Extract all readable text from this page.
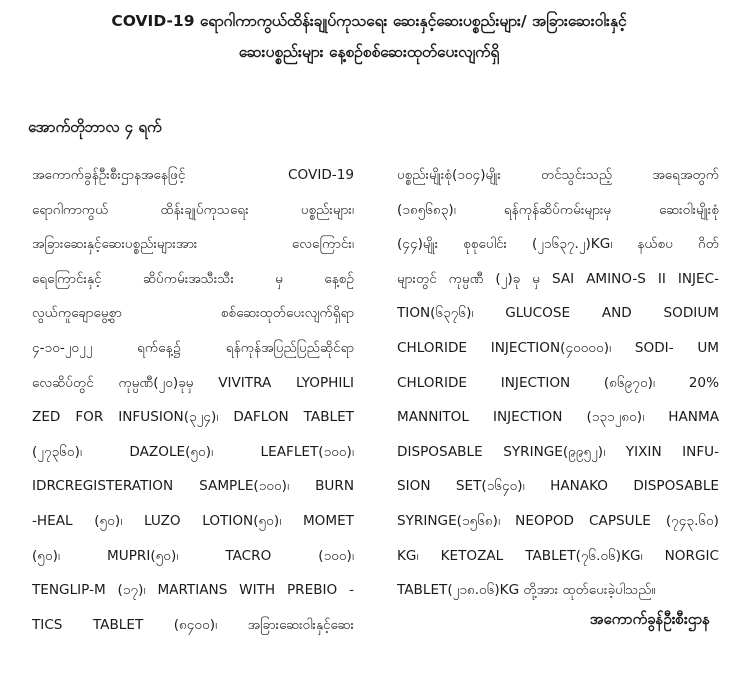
COVID-19 ရောဂါကာကွယ်ထိန်းချုပ်ကုသရေး ဆေးနှင့်ဆေးပစ္စည်းများ/ အခြားဆေးဝါးနှင့်
ဆေးပစ္စည်းများ နေ့စဉ်စစ်ဆေးထုတ်ပေးလျက်ရှိ
အောက်တိုဘာလ ၄ ရက်
အကောက်ခွန်ဦးစီးဌာနအနေဖြင့် COVID-19
ရောဂါကာကွယ် ထိန်းချုပ်ကုသရေး ပစ္စည်းများ၊
အခြားဆေးနှင့်ဆေးပစ္စည်းများအား လေကြောင်း၊
ရေကြောင်းနှင့် ဆိပ်ကမ်းအသီးသီး မှ နေ့စဉ်
လွယ်ကူချောမွေ့စွာ စစ်ဆေးထုတ်ပေးလျက်ရှိရာ
၄-၁၀-၂၀၂၂ ရက်နေ့၌ ရန်ကုန်အပြည်ပြည်ဆိုင်ရာ
လေဆိပ်တွင် ကုမ္ပဏီ(၂၀)ခုမှ VIVITRA LYOPHILI
ZED FOR INFUSION(၃၂၄)၊ DAFLON TABLET
(၂၇၃၆၀)၊ DAZOLE(၅၀)၊ LEAFLET(၁၀၀)၊
IDRCREGISTERATION SAMPLE(၁၀၀)၊ BURN
-HEAL (၅၀)၊ LUZO LOTION(၅၀)၊ MOMET
(၅၀)၊ MUPRI(၅၀)၊ TACRO (၁၀၀)၊
TENGLIP-M (၁၇)၊ MARTIANS WITH PREBIO -
TICS TABLET (၈၄၀၀)၊ အခြားဆေးဝါးနှင့်ဆေး
ပစ္စည်းမျိုးစုံ(၁၀၄)မျိုး တင်သွင်းသည့် အရေအတွက်
(၁၈၅၆၈၃)၊ ရန်ကုန်ဆိပ်ကမ်းများမှ ဆေးဝါးမျိုးစုံ
(၄၄)မျိုး စုစုပေါင်း (၂၁၆၃၇.၂)KG၊ နယ်စပ ဂိတ်
များတွင် ကုမ္ပဏီ (၂)ခု မှ SAI AMINO-S II INJEC-
TION(၆၃၇၆)၊ GLUCOSE AND SODIUM
CHLORIDE INJECTION(၄၀၀၀၀)၊ SODI- UM
CHLORIDE INJECTION (၈၆၉၇၀)၊ 20%
MANNITOL INJECTION (၁၃၁၂၈၀)၊ HANMA
DISPOSABLE SYRINGE(၉၉၅၂)၊ YIXIN INFU-
SION SET(၁၆၄၀)၊ HANAKO DISPOSABLE
SYRINGE(၁၅၆၈)၊ NEOPOD CAPSULE (၇၄၃.၆၀)
KG၊ KETOZAL TABLET(၇၆.၀၆)KG၊ NORGIC
TABLET(၂၁၈.၀၆)KG တို့အား ထုတ်ပေးခဲ့ပါသည်။
အကောက်ခွန်ဦးစီးဌာန
